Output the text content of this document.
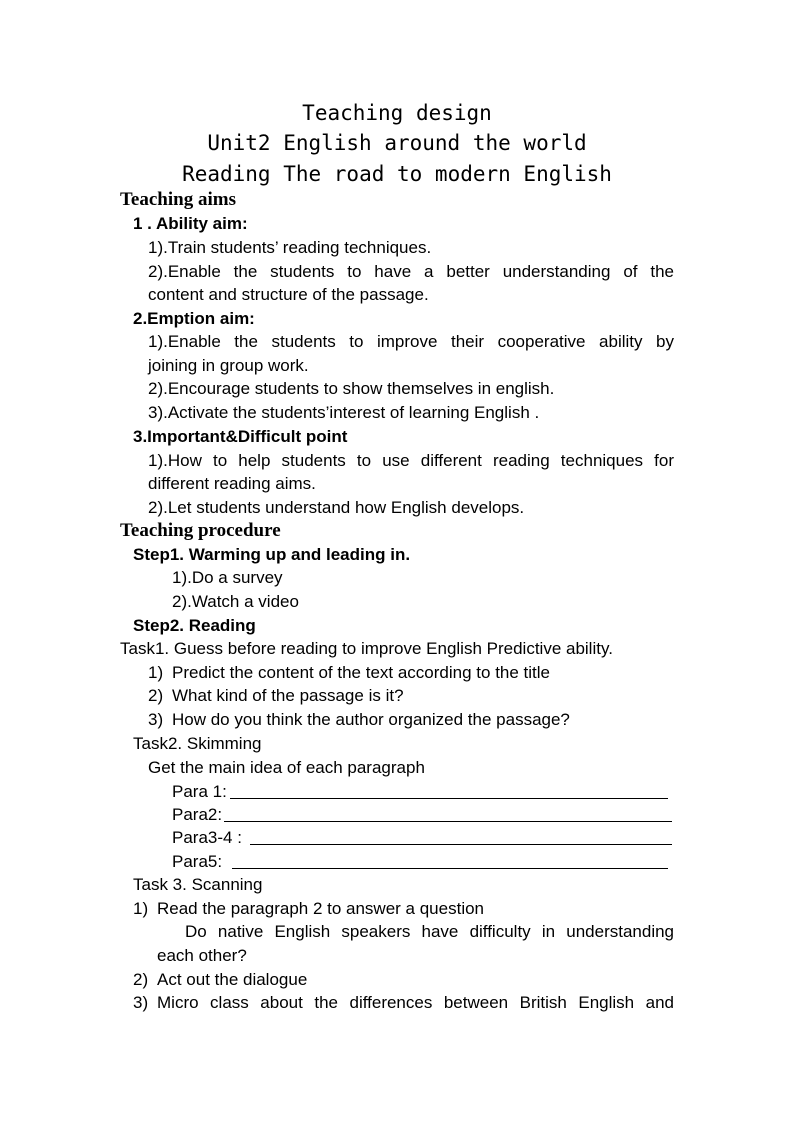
Teaching design
Unit2 English around the world
Reading The road to modern English
Teaching aims
1 . Ability aim:
1).Train students’ reading techniques.
2).Enable the students to have a better understanding of the
content and structure of the passage.
2.Emption aim:
1).Enable the students to improve their cooperative ability by
joining in group work.
2).Encourage students to show themselves in english.
3).Activate the students’interest of learning English .
3.Important&Difficult point
1).How to help students to use different reading techniques for
different reading aims.
2).Let students understand how English develops.
Teaching procedure
Step1. Warming up and leading in.
1).Do a survey
2).Watch a video
Step2. Reading
Task1. Guess before reading to improve English Predictive ability.
1) Predict the content of the text according to the title
2) What kind of the passage is it?
3) How do you think the author organized the passage?
Task2. Skimming
Get the main idea of each paragraph
Para 1:
Para2:
Para3-4 :
Para5:
Task 3. Scanning
1) Read the paragraph 2 to answer a question
Do native English speakers have difficulty in understanding
each other?
2) Act out the dialogue
3) Micro class about the differences between British English and
